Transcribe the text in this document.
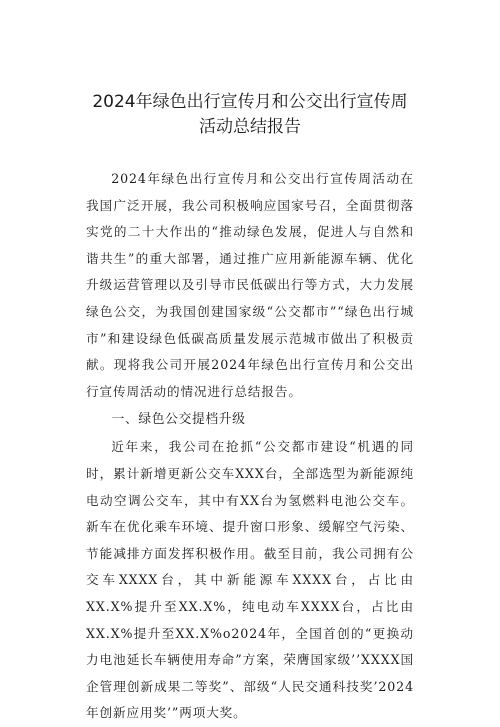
2024年绿色出行宣传月和公交出行宣传周
活动总结报告

2024年绿色出行宣传月和公交出行宣传周活动在我国广泛开展，我公司积极响应国家号召，全面贯彻落实党的二十大作出的“推动绿色发展，促进人与自然和谐共生”的重大部署，通过推广应用新能源车辆、优化升级运营管理以及引导市民低碳出行等方式，大力发展绿色公交，为我国创建国家级“公交都市”“绿色出行城市”和建设绿色低碳高质量发展示范城市做出了积极贡献。现将我公司开展2024年绿色出行宣传月和公交出行宣传周活动的情况进行总结报告。

一、绿色公交提档升级

近年来，我公司在抢抓“公交都市建设“机遇的同时，累计新增更新公交车XXX台，全部选型为新能源纯电动空调公交车，其中有XX台为氢燃料电池公交车。新车在优化乘车环境、提升窗口形象、缓解空气污染、节能减排方面发挥积极作用。截至目前，我公司拥有公交车XXXX台，其中新能源车XXXX台，占比由XX.X%提升至XX.X%，纯电动车XXXX台，占比由XX.X%提升至XX.X%o2024年，全国首创的“更换动力电池延长车辆使用寿命”方案，荣膺国家级’’XXXX国企管理创新成果二等奖”、部级“人民交通科技奖’2024年创新应用奖’”两项大奖。
